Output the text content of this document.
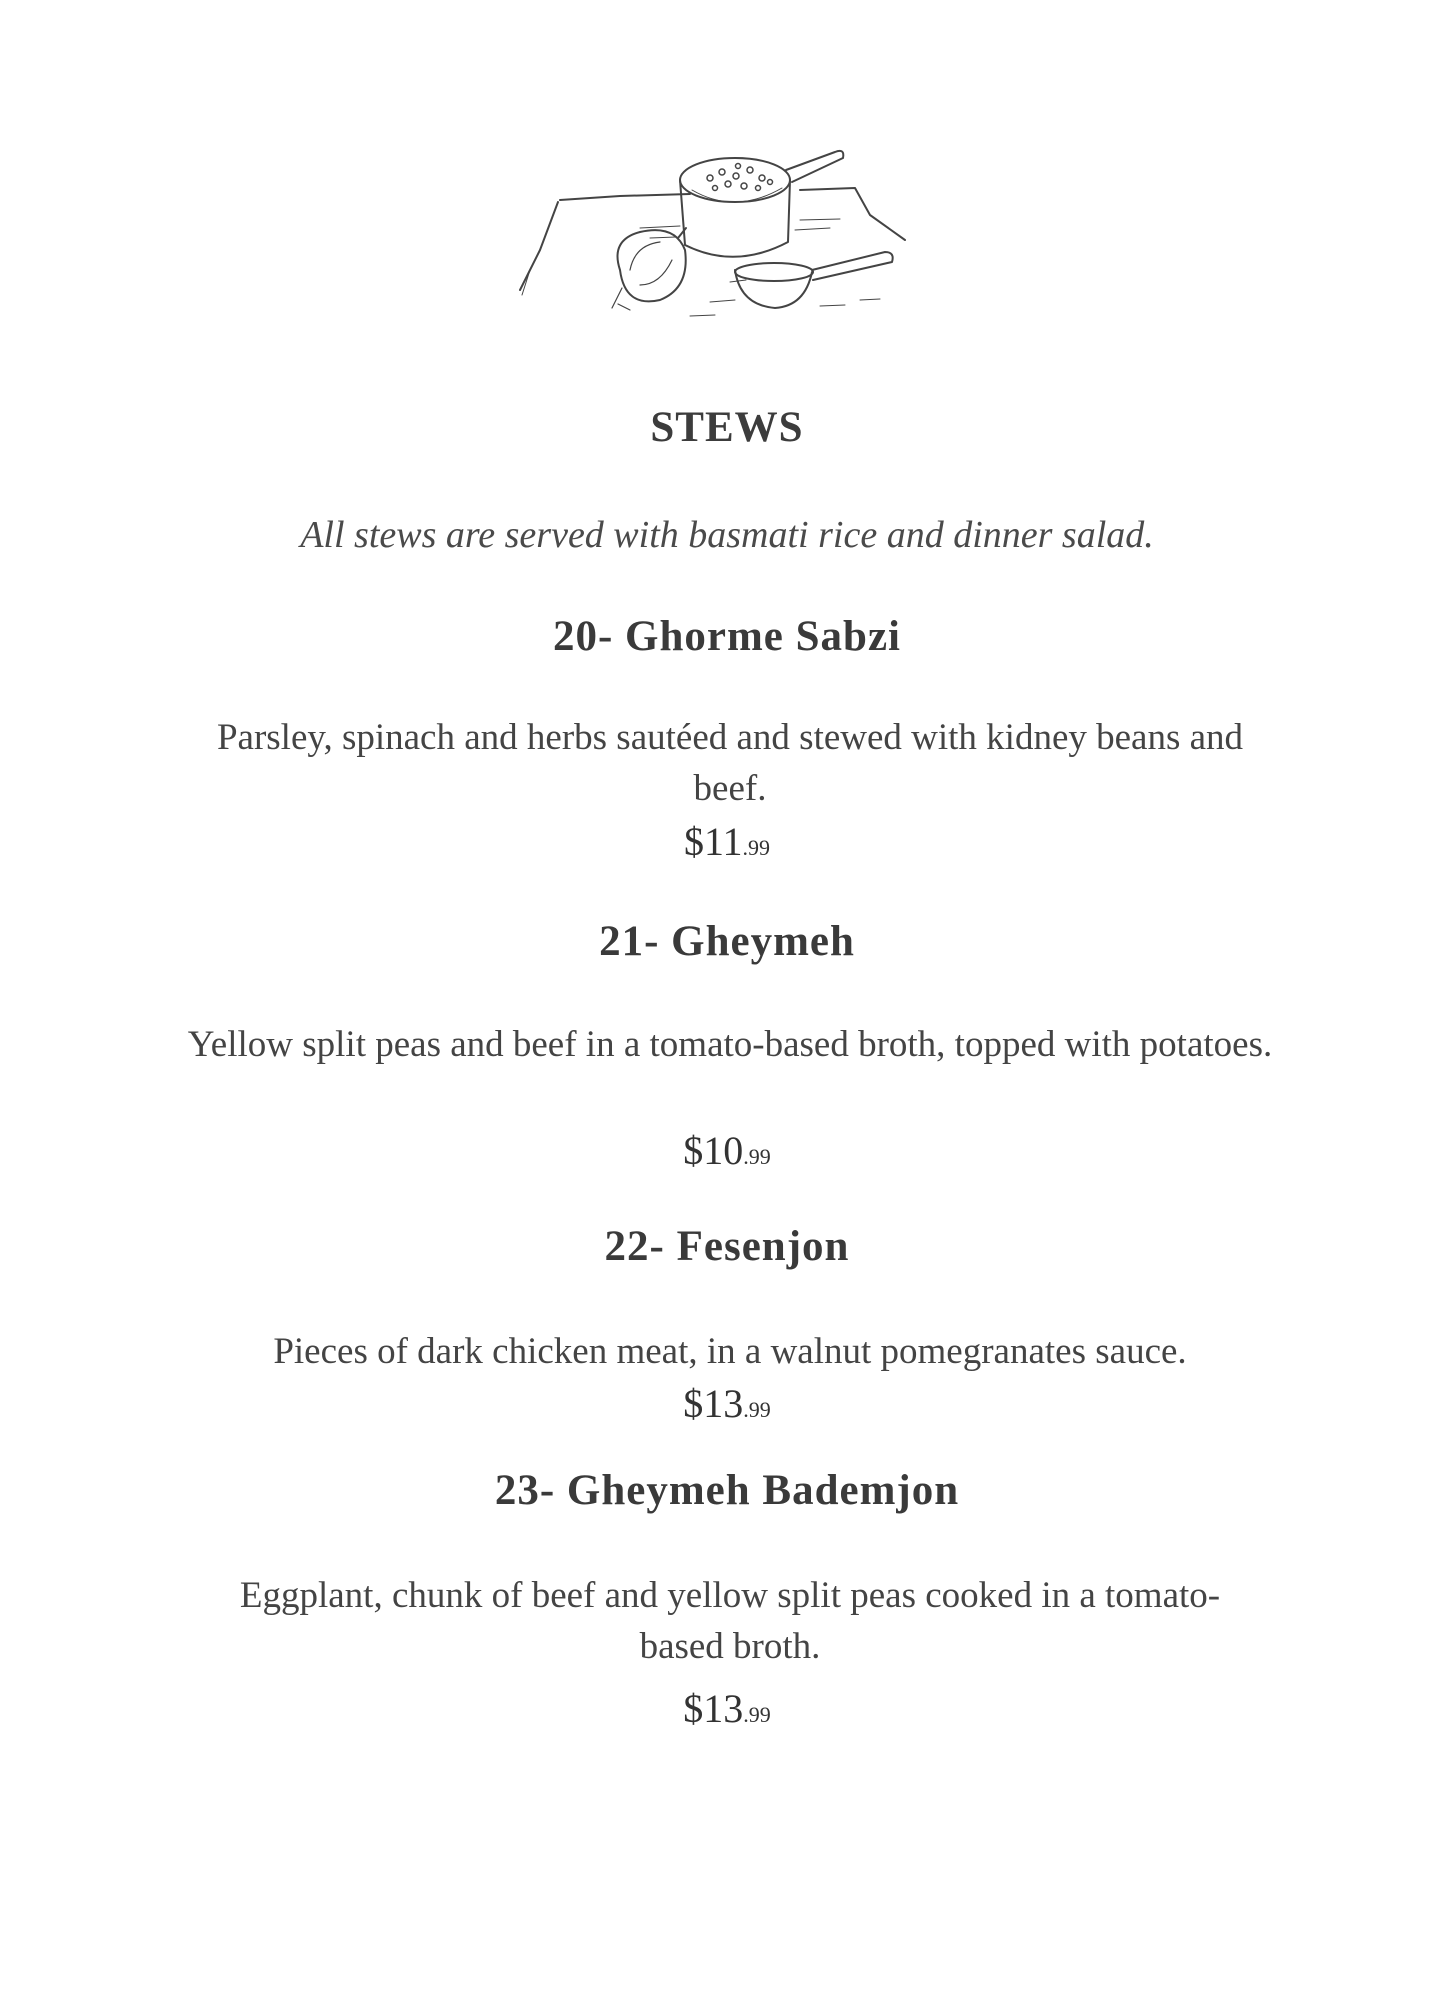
STEWS
All stews are served with basmati rice and dinner salad.
20- Ghorme Sabzi
Parsley, spinach and herbs sautéed and stewed with kidney beans and beef.
$11.99
21- Gheymeh
Yellow split peas and beef in a tomato-based broth, topped with potatoes.
$10.99
22- Fesenjon
Pieces of dark chicken meat, in a walnut pomegranates sauce.
$13.99
23- Gheymeh Bademjon
Eggplant, chunk of beef and yellow split peas cooked in a tomato-based broth.
$13.99
